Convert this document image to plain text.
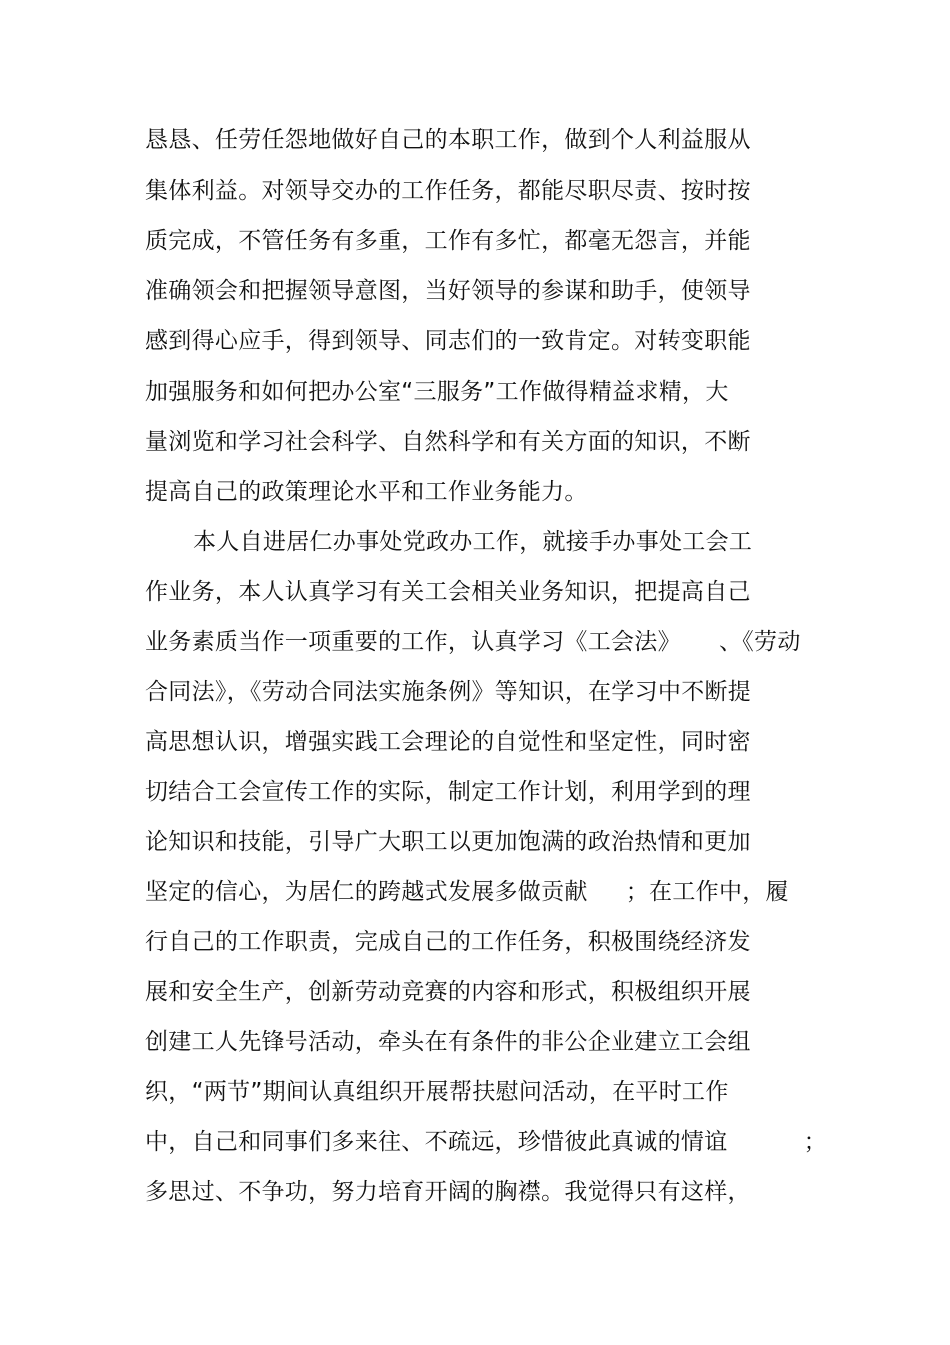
恳恳、任劳任怨地做好自己的本职工作，做到个人利益服从
集体利益。对领导交办的工作任务，都能尽职尽责、按时按
质完成，不管任务有多重，工作有多忙，都毫无怨言，并能
准确领会和把握领导意图，当好领导的参谋和助手，使领导
感到得心应手，得到领导、同志们的一致肯定。对转变职能
加强服务和如何把办公室“三服务”工作做得精益求精，大
量浏览和学习社会科学、自然科学和有关方面的知识，不断
提高自己的政策理论水平和工作业务能力。
本人自进居仁办事处党政办工作，就接手办事处工会工
作业务，本人认真学习有关工会相关业务知识，把提高自己
业务素质当作一项重要的工作，认真学习《工会法》     、《劳动
合同法》，《劳动合同法实施条例》等知识，在学习中不断提
高思想认识，增强实践工会理论的自觉性和坚定性，同时密
切结合工会宣传工作的实际，制定工作计划，利用学到的理
论知识和技能，引导广大职工以更加饱满的政治热情和更加
坚定的信心，为居仁的跨越式发展多做贡献     ；在工作中，履
行自己的工作职责，完成自己的工作任务，积极围绕经济发
展和安全生产，创新劳动竞赛的内容和形式，积极组织开展
创建工人先锋号活动，牵头在有条件的非公企业建立工会组
织，“两节”期间认真组织开展帮扶慰问活动，在平时工作
中，自己和同事们多来往、不疏远，珍惜彼此真诚的情谊          ；
多思过、不争功，努力培育开阔的胸襟。我觉得只有这样，
